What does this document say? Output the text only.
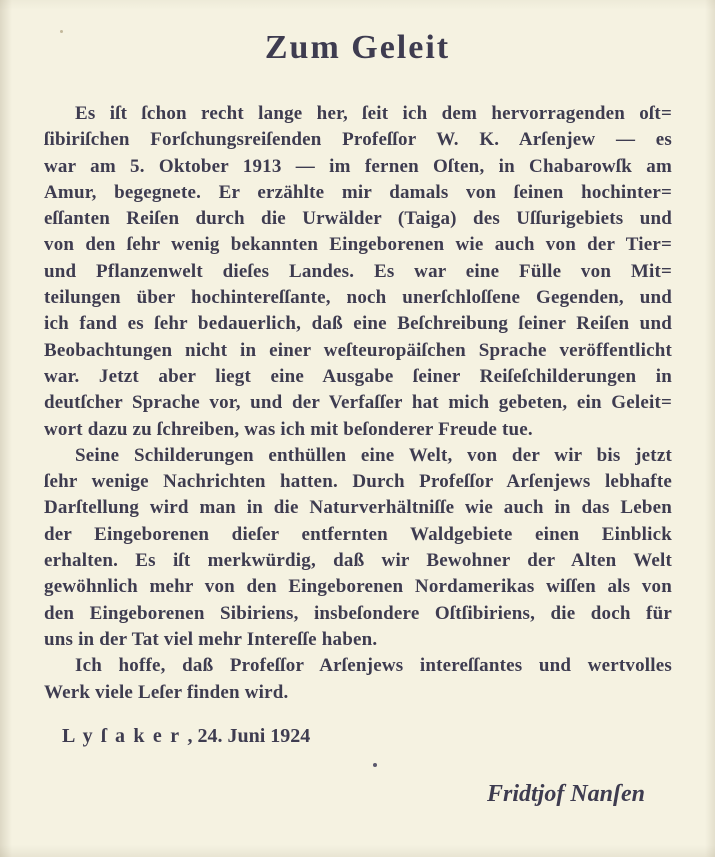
Zum Geleit
Es iſt ſchon recht lange her, ſeit ich dem hervorragenden oſt=
ſibiriſchen Forſchungsreiſenden Profeſſor W. K. Arſenjew — es
war am 5. Oktober 1913 — im fernen Oſten, in Chabarowſk am
Amur, begegnete. Er erzählte mir damals von ſeinen hochinter=
eſſanten Reiſen durch die Urwälder (Taiga) des Uſſurigebiets und
von den ſehr wenig bekannten Eingeborenen wie auch von der Tier=
und Pflanzenwelt dieſes Landes. Es war eine Fülle von Mit=
teilungen über hochintereſſante, noch unerſchloſſene Gegenden, und
ich fand es ſehr bedauerlich, daß eine Beſchreibung ſeiner Reiſen und
Beobachtungen nicht in einer weſteuropäiſchen Sprache veröffentlicht
war. Jetzt aber liegt eine Ausgabe ſeiner Reiſeſchilderungen in
deutſcher Sprache vor, und der Verfaſſer hat mich gebeten, ein Geleit=
wort dazu zu ſchreiben, was ich mit beſonderer Freude tue.
Seine Schilderungen enthüllen eine Welt, von der wir bis jetzt
ſehr wenige Nachrichten hatten. Durch Profeſſor Arſenjews lebhafte
Darſtellung wird man in die Naturverhältniſſe wie auch in das Leben
der Eingeborenen dieſer entfernten Waldgebiete einen Einblick
erhalten. Es iſt merkwürdig, daß wir Bewohner der Alten Welt
gewöhnlich mehr von den Eingeborenen Nordamerikas wiſſen als von
den Eingeborenen Sibiriens, insbeſondere Oſtſibiriens, die doch für
uns in der Tat viel mehr Intereſſe haben.
Ich hoffe, daß Profeſſor Arſenjews intereſſantes und wertvolles
Werk viele Leſer finden wird.
Lyſaker, 24. Juni 1924
Fridtjof Nanſen
